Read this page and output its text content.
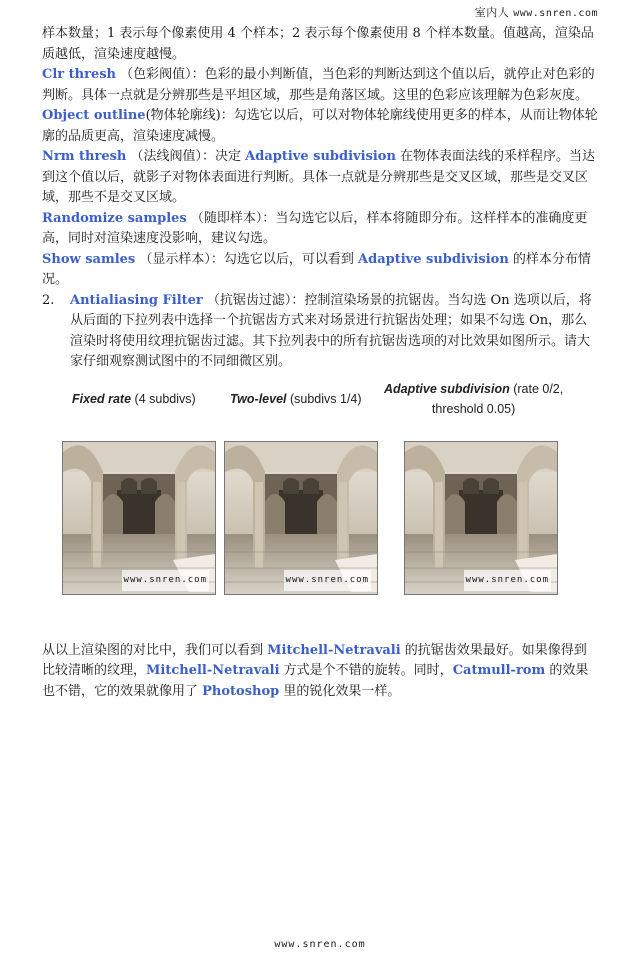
室内人 www.snren.com

样本数量；1 表示每个像素使用 4 个样本；2 表示每个像素使用 8 个样本数量。值越高，渲染品质越低，渲染速度越慢。

Clr thresh （色彩阀值）：色彩的最小判断值，当色彩的判断达到这个值以后，就停止对色彩的判断。具体一点就是分辨那些是平坦区域，那些是角落区域。这里的色彩应该理解为色彩灰度。

Object outline(物体轮廓线)：勾选它以后，可以对物体轮廓线使用更多的样本，从而让物体轮廓的品质更高，渲染速度减慢。

Nrm thresh （法线阀值）：决定 Adaptive subdivision 在物体表面法线的釆样程序。当达到这个值以后，就影子对物体表面进行判断。具体一点就是分辨那些是交叉区域，那些是交叉区域，那些不是交叉区域。

Randomize samples （随即样本）：当勾选它以后，样本将随即分布。这样样本的准确度更高，同时对渲染速度没影响，建议勾选。

Show samles （显示样本）：勾选它以后，可以看到 Adaptive subdivision 的样本分布情况。

2. Antialiasing Filter （抗锯齿过滤）：控制渲染场景的抗锯齿。当勾选 On 选项以后，将从后面的下拉列表中选择一个抗锯齿方式来对场景进行抗锯齿处理；如果不勾选 On，那么渲染时将使用纹理抗锯齿过滤。其下拉列表中的所有抗锯齿选项的对比效果如图所示。请大家仔细观察测试图中的不同细微区别。

Fixed rate (4 subdivs)	Two-level (subdivs 1/4)
Adaptive subdivision (rate 0/2,
threshold 0.05)
www.snren.com	www.snren.com	www.snren.com

从以上渲染图的对比中，我们可以看到 Mitchell-Netravali 的抗锯齿效果最好。如果像得到比较清晰的纹理，Mitchell-Netravali 方式是个不错的旋转。同时，Catmull-rom 的效果也不错，它的效果就像用了 Photoshop 里的锐化效果一样。

www.snren.com
